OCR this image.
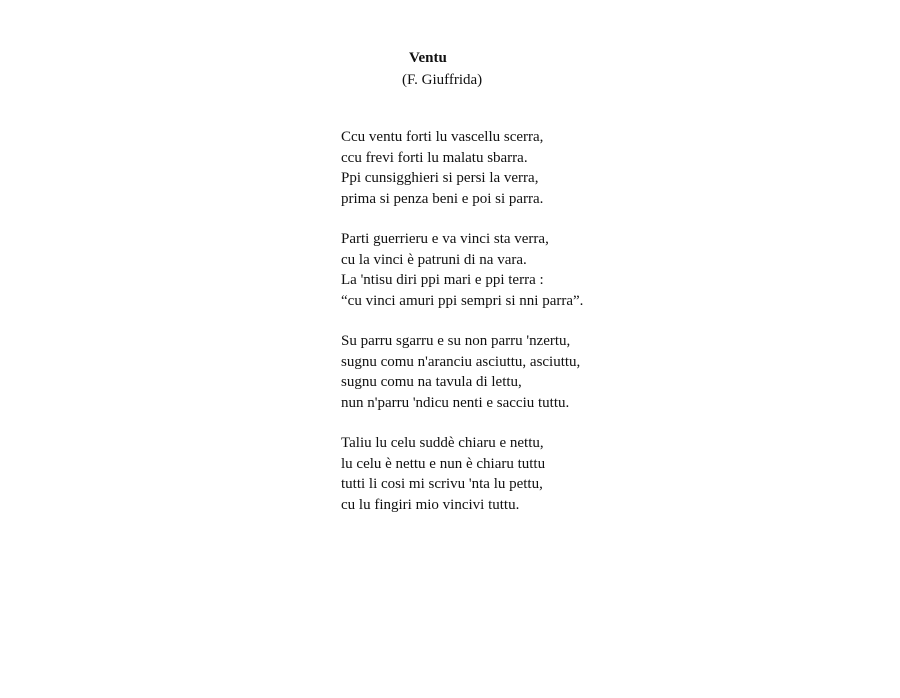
Ventu

(F. Giuffrida)

Ccu ventu forti lu vascellu scerra,
ccu frevi forti lu malatu sbarra.
Ppi cunsigghieri si persi la verra,
prima si penza beni e poi si parra.
Parti guerrieru e va vinci sta verra,
cu la vinci è patruni di na vara.
La 'ntisu diri ppi mari e ppi terra :
“cu vinci amuri ppi sempri si nni parra”.
Su parru sgarru e su non parru 'nzertu,
sugnu comu n'aranciu asciuttu, asciuttu,
sugnu comu na tavula di lettu,
nun n'parru 'ndicu nenti e sacciu tuttu.
Taliu lu celu suddè chiaru e nettu,
lu celu è nettu e nun è chiaru tuttu
tutti li cosi mi scrivu 'nta lu pettu,
cu lu fingiri mio vincivi tuttu.
